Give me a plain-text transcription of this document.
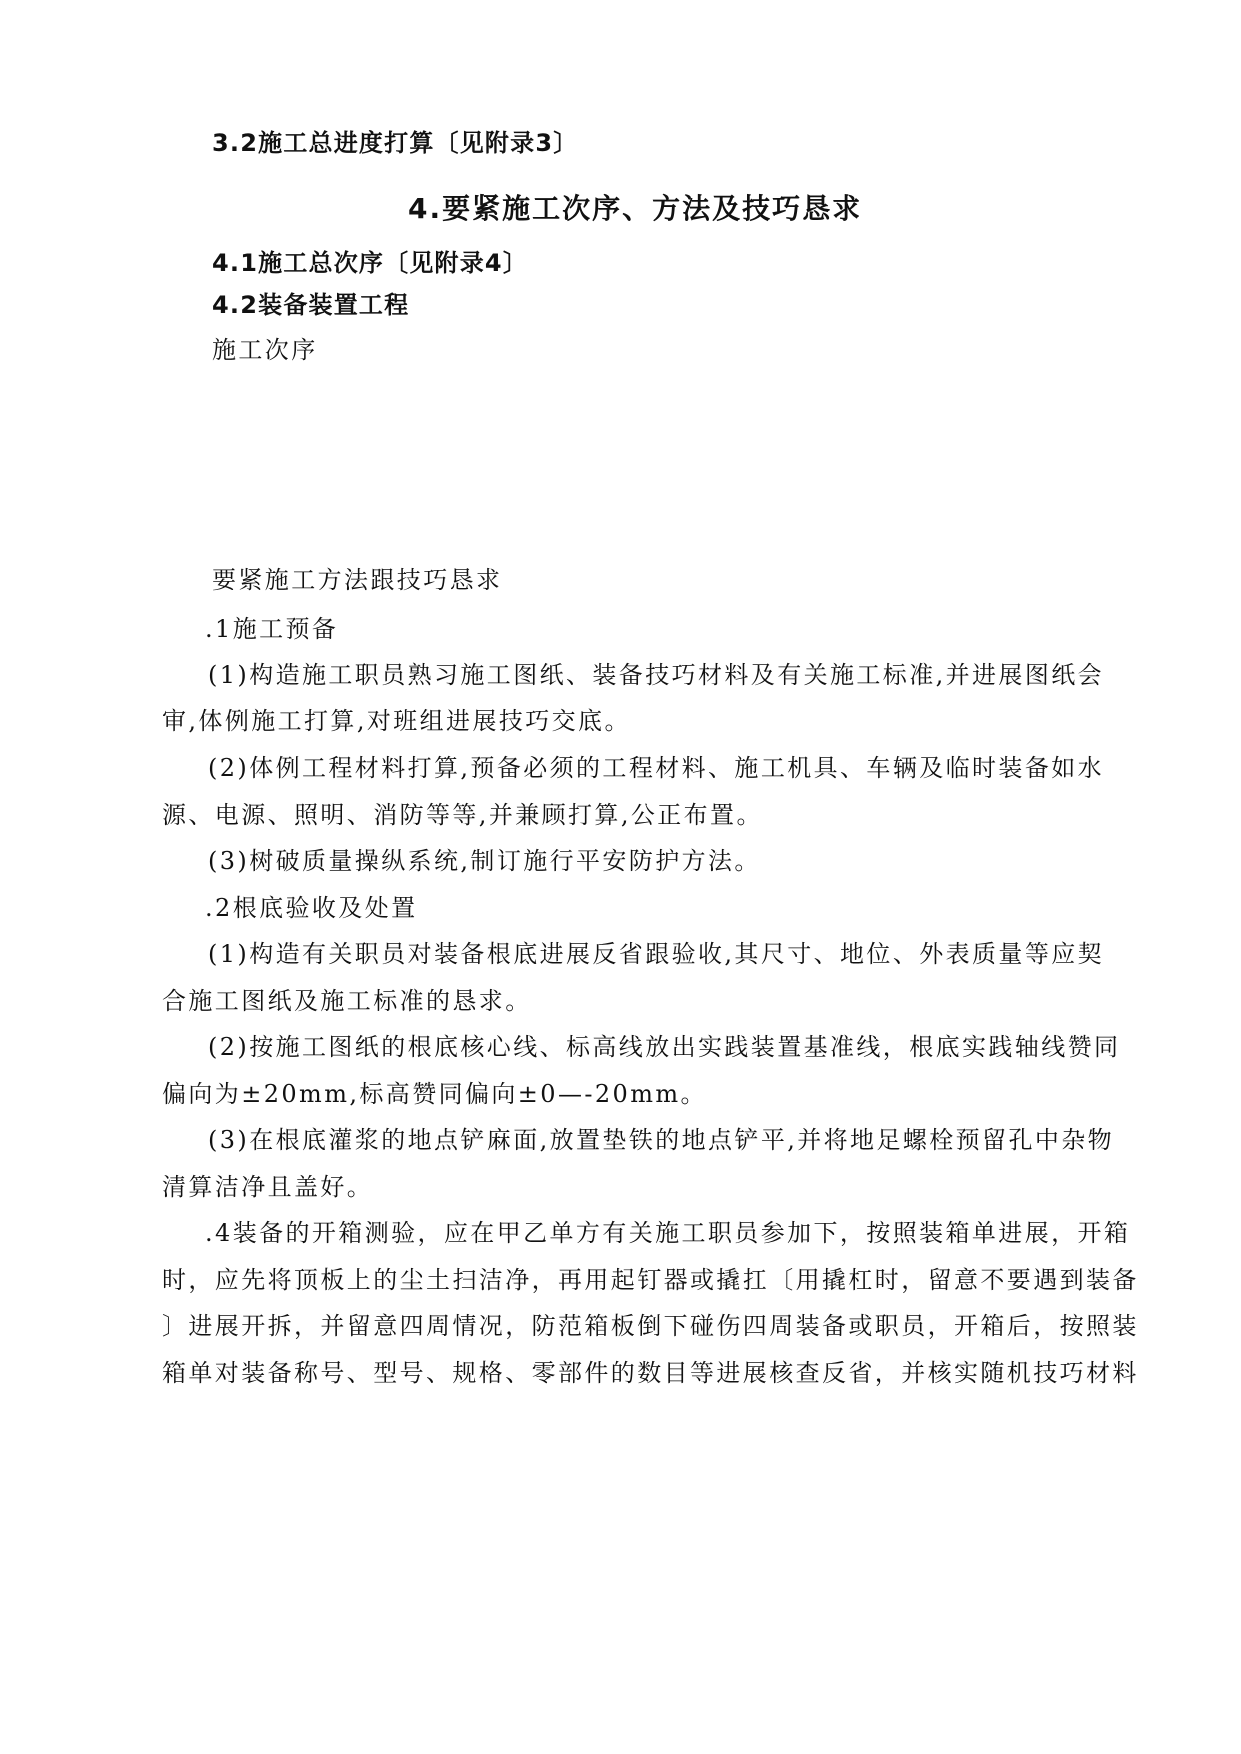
3.2施工总进度打算〔见附录3〕
4.要紧施工次序、方法及技巧恳求
4.1施工总次序〔见附录4〕
4.2装备装置工程
施工次序
要紧施工方法跟技巧恳求
.1施工预备
(1)构造施工职员熟习施工图纸、装备技巧材料及有关施工标准,并进展图纸会
审,体例施工打算,对班组进展技巧交底。
(2)体例工程材料打算,预备必须的工程材料、施工机具、车辆及临时装备如水
源、电源、照明、消防等等,并兼顾打算,公正布置。
(3)树破质量操纵系统,制订施行平安防护方法。
.2根底验收及处置
(1)构造有关职员对装备根底进展反省跟验收,其尺寸、地位、外表质量等应契
合施工图纸及施工标准的恳求。
(2)按施工图纸的根底核心线、标高线放出实践装置基准线，根底实践轴线赞同
偏向为±20mm,标高赞同偏向±0—-20mm。
(3)在根底灌浆的地点铲麻面,放置垫铁的地点铲平,并将地足螺栓预留孔中杂物
清算洁净且盖好。
.4装备的开箱测验，应在甲乙单方有关施工职员参加下，按照装箱单进展，开箱
时，应先将顶板上的尘土扫洁净，再用起钉器或撬扛〔用撬杠时，留意不要遇到装备
〕进展开拆，并留意四周情况，防范箱板倒下碰伤四周装备或职员，开箱后，按照装
箱单对装备称号、型号、规格、零部件的数目等进展核查反省，并核实随机技巧材料
